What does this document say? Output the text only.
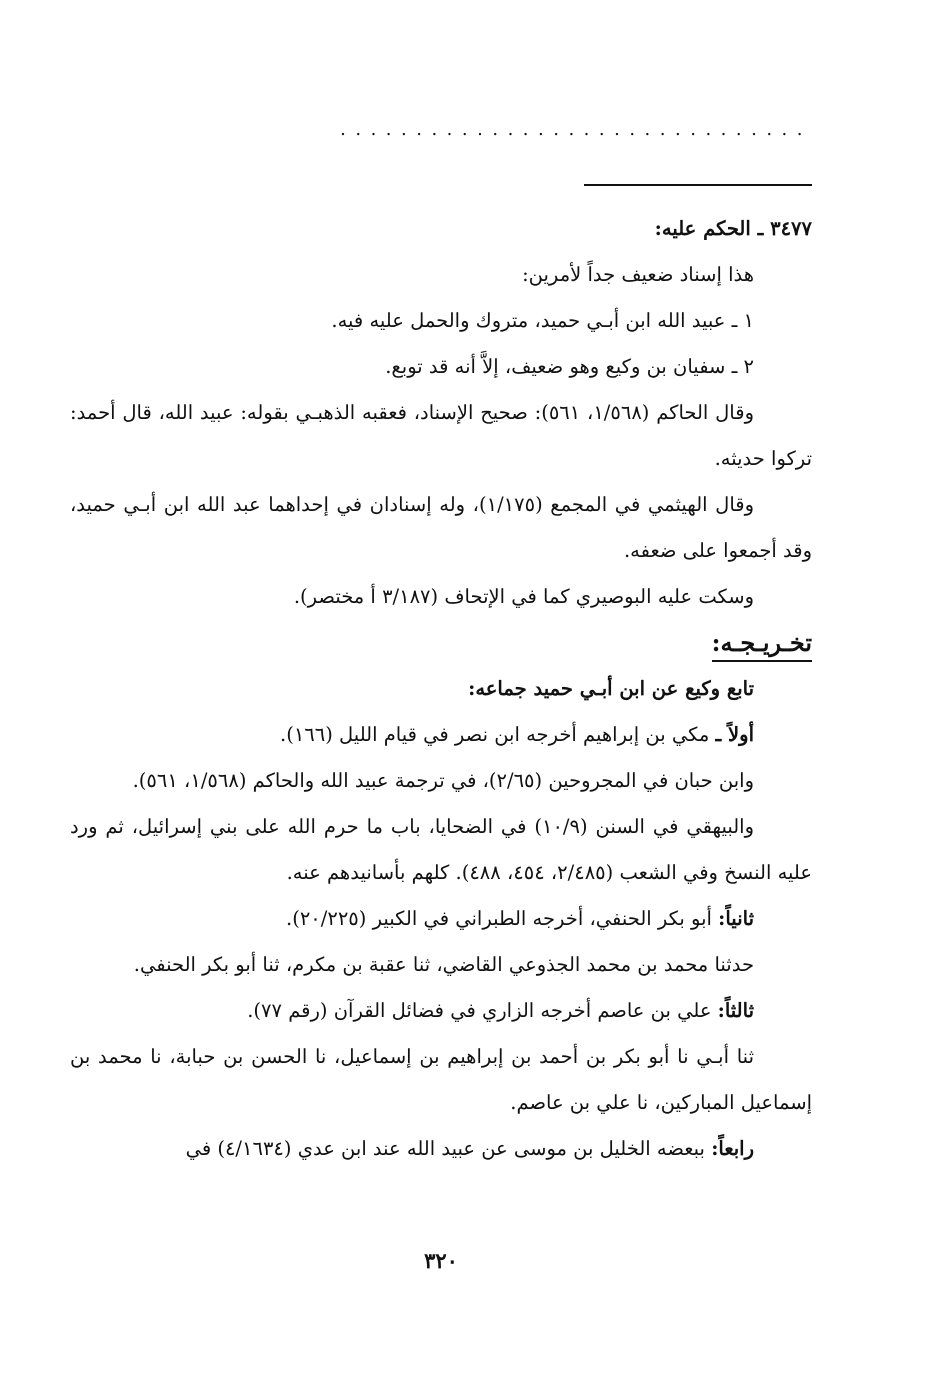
...............................

٣٤٧٧ ـ الحكم عليه:

هذا إسناد ضعيف جداً لأمرين:

١ ـ عبيد الله ابن أبـي حميد، متروك والحمل عليه فيه.

٢ ـ سفيان بن وكيع وهو ضعيف، إلاَّ أنه قد توبع.

وقال الحاكم (١/٥٦٨، ٥٦١): صحيح الإسناد، فعقبه الذهبـي بقوله: عبيد الله، قال أحمد: تركوا حديثه.

وقال الهيثمي في المجمع (١/١٧٥)، وله إسنادان في إحداهما عبد الله ابن أبـي حميد، وقد أجمعوا على ضعفه.

وسكت عليه البوصيري كما في الإتحاف (٣/١٨٧ أ مختصر).

تخـريـجـه:

تابع وكيع عن ابن أبـي حميد جماعه:

أولاً ـ مكي بن إبراهيم أخرجه ابن نصر في قيام الليل (١٦٦).

وابن حبان في المجروحين (٢/٦٥)، في ترجمة عبيد الله والحاكم (١/٥٦٨، ٥٦١).

والبيهقي في السنن (١٠/٩) في الضحايا، باب ما حرم الله على بني إسرائيل، ثم ورد عليه النسخ وفي الشعب (٢/٤٨٥، ٤٥٤، ٤٨٨). كلهم بأسانيدهم عنه.

ثانياً: أبو بكر الحنفي، أخرجه الطبراني في الكبير (٢٠/٢٢٥).

حدثنا محمد بن محمد الجذوعي القاضي، ثنا عقبة بن مكرم، ثنا أبو بكر الحنفي.

ثالثاً: علي بن عاصم أخرجه الزاري في فضائل القرآن (رقم ٧٧).

ثنا أبـي نا أبو بكر بن أحمد بن إبراهيم بن إسماعيل، نا الحسن بن حبابة، نا محمد بن إسماعيل المباركين، نا علي بن عاصم.

رابعاً: ببعضه الخليل بن موسى عن عبيد الله عند ابن عدي (٤/١٦٣٤) في

٣٢٠
